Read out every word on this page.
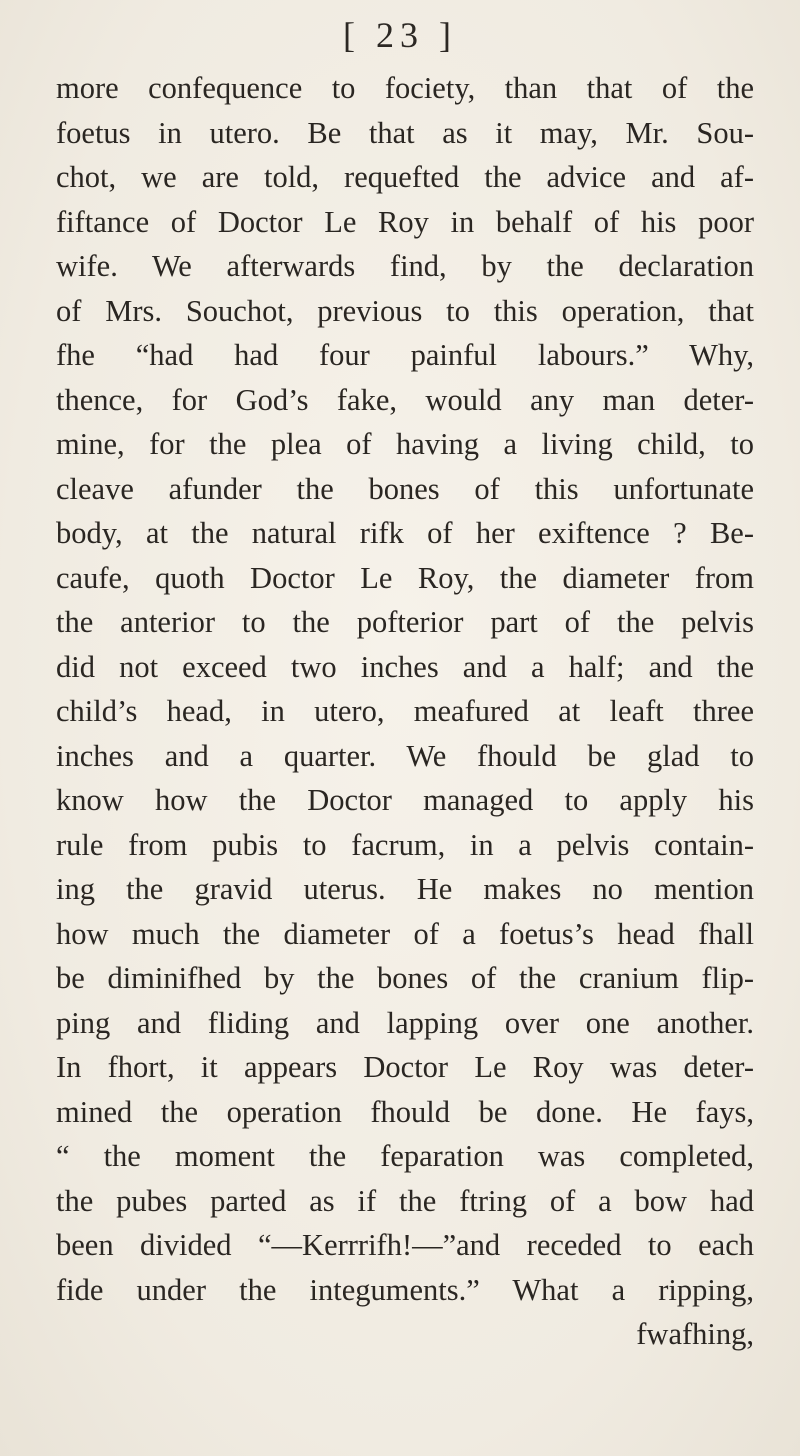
[ 23 ]
more confequence to fociety, than that of the
foetus in utero. Be that as it may, Mr. Sou-
chot, we are told, requefted the advice and af-
fiftance of Doctor Le Roy in behalf of his poor
wife. We afterwards find, by the declaration
of Mrs. Souchot, previous to this operation, that
fhe “had had four painful labours.” Why,
thence, for God’s fake, would any man deter-
mine, for the plea of having a living child, to
cleave afunder the bones of this unfortunate
body, at the natural rifk of her exiftence ? Be-
caufe, quoth Doctor Le Roy, the diameter from
the anterior to the pofterior part of the pelvis
did not exceed two inches and a half; and the
child’s head, in utero, meafured at leaft three
inches and a quarter. We fhould be glad to
know how the Doctor managed to apply his
rule from pubis to facrum, in a pelvis contain-
ing the gravid uterus. He makes no mention
how much the diameter of a foetus’s head fhall
be diminifhed by the bones of the cranium flip-
ping and fliding and lapping over one another.
In fhort, it appears Doctor Le Roy was deter-
mined the operation fhould be done. He fays,
“ the moment the feparation was completed,
the pubes parted as if the ftring of a bow had
been divided “—Kerrrifh!—”and receded to each
fide under the integuments.” What a ripping,
fwafhing,
